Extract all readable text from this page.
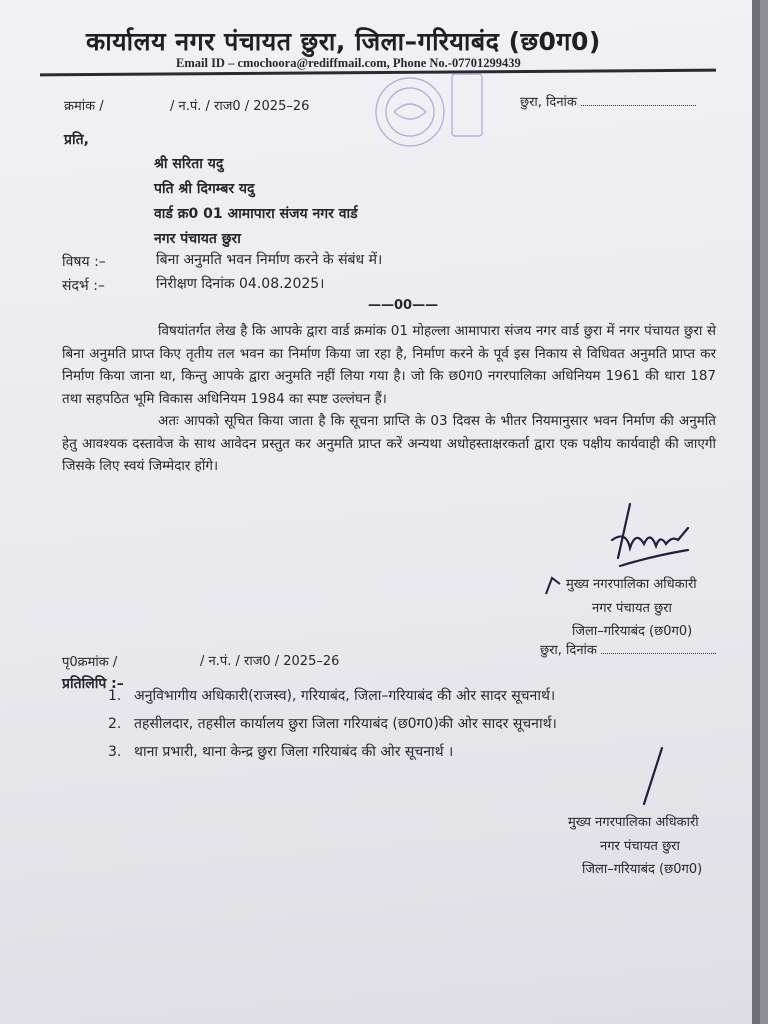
कार्यालय नगर पंचायत छुरा, जिला–गरियाबंद (छ0ग0)
Email ID – cmochoora@rediffmail.com, Phone No.-07701299439
क्रमांक /	/ न.पं. / राज0 / 2025–26	छुरा, दिनांक
प्रति,
श्री सरिता यदु
पति श्री दिगम्बर यदु
वार्ड क्र0 01 आमापारा संजय नगर वार्ड
नगर पंचायत छुरा
विषय :–	बिना अनुमति भवन निर्माण करने के संबंध में।
संदर्भ :–	निरीक्षण दिनांक 04.08.2025।
——00——

विषयांतर्गत लेख है कि आपके द्वारा वार्ड क्रमांक 01 मोहल्ला आमापारा संजय नगर वार्ड छुरा में नगर पंचायत छुरा से बिना अनुमति प्राप्त किए तृतीय तल भवन का निर्माण किया जा रहा है, निर्माण करने के पूर्व इस निकाय से विधिवत अनुमति प्राप्त कर निर्माण किया जाना था, किन्तु आपके द्वारा अनुमति नहीं लिया गया है। जो कि छ0ग0 नगरपालिका अधिनियम 1961 की धारा 187 तथा सहपठित भूमि विकास अधिनियम 1984 का स्पष्ट उल्लंघन हैं।

अतः आपको सूचित किया जाता है कि सूचना प्राप्ति के 03 दिवस के भीतर नियमानुसार भवन निर्माण की अनुमति हेतु आवश्यक दस्तावेज के साथ आवेदन प्रस्तुत कर अनुमति प्राप्त करें अन्यथा अधोहस्ताक्षरकर्ता द्वारा एक पक्षीय कार्यवाही की जाएगी जिसके लिए स्वयं जिम्मेदार होंगे।

मुख्य नगरपालिका अधिकारी
नगर पंचायत छुरा
जिला–गरियाबंद (छ0ग0)
पृ0क्रमांक /	/ न.पं. / राज0 / 2025–26
छुरा, दिनांक
प्रतिलिपि :–
1. अनुविभागीय अधिकारी(राजस्व), गरियाबंद, जिला–गरियाबंद की ओर सादर सूचनार्थ।
2. तहसीलदार, तहसील कार्यालय छुरा जिला गरियाबंद (छ0ग0)की ओर सादर सूचनार्थ।
3. थाना प्रभारी, थाना केन्द्र छुरा जिला गरियाबंद की ओर सूचनार्थ ।
मुख्य नगरपालिका अधिकारी
नगर पंचायत छुरा
जिला–गरियाबंद (छ0ग0)
